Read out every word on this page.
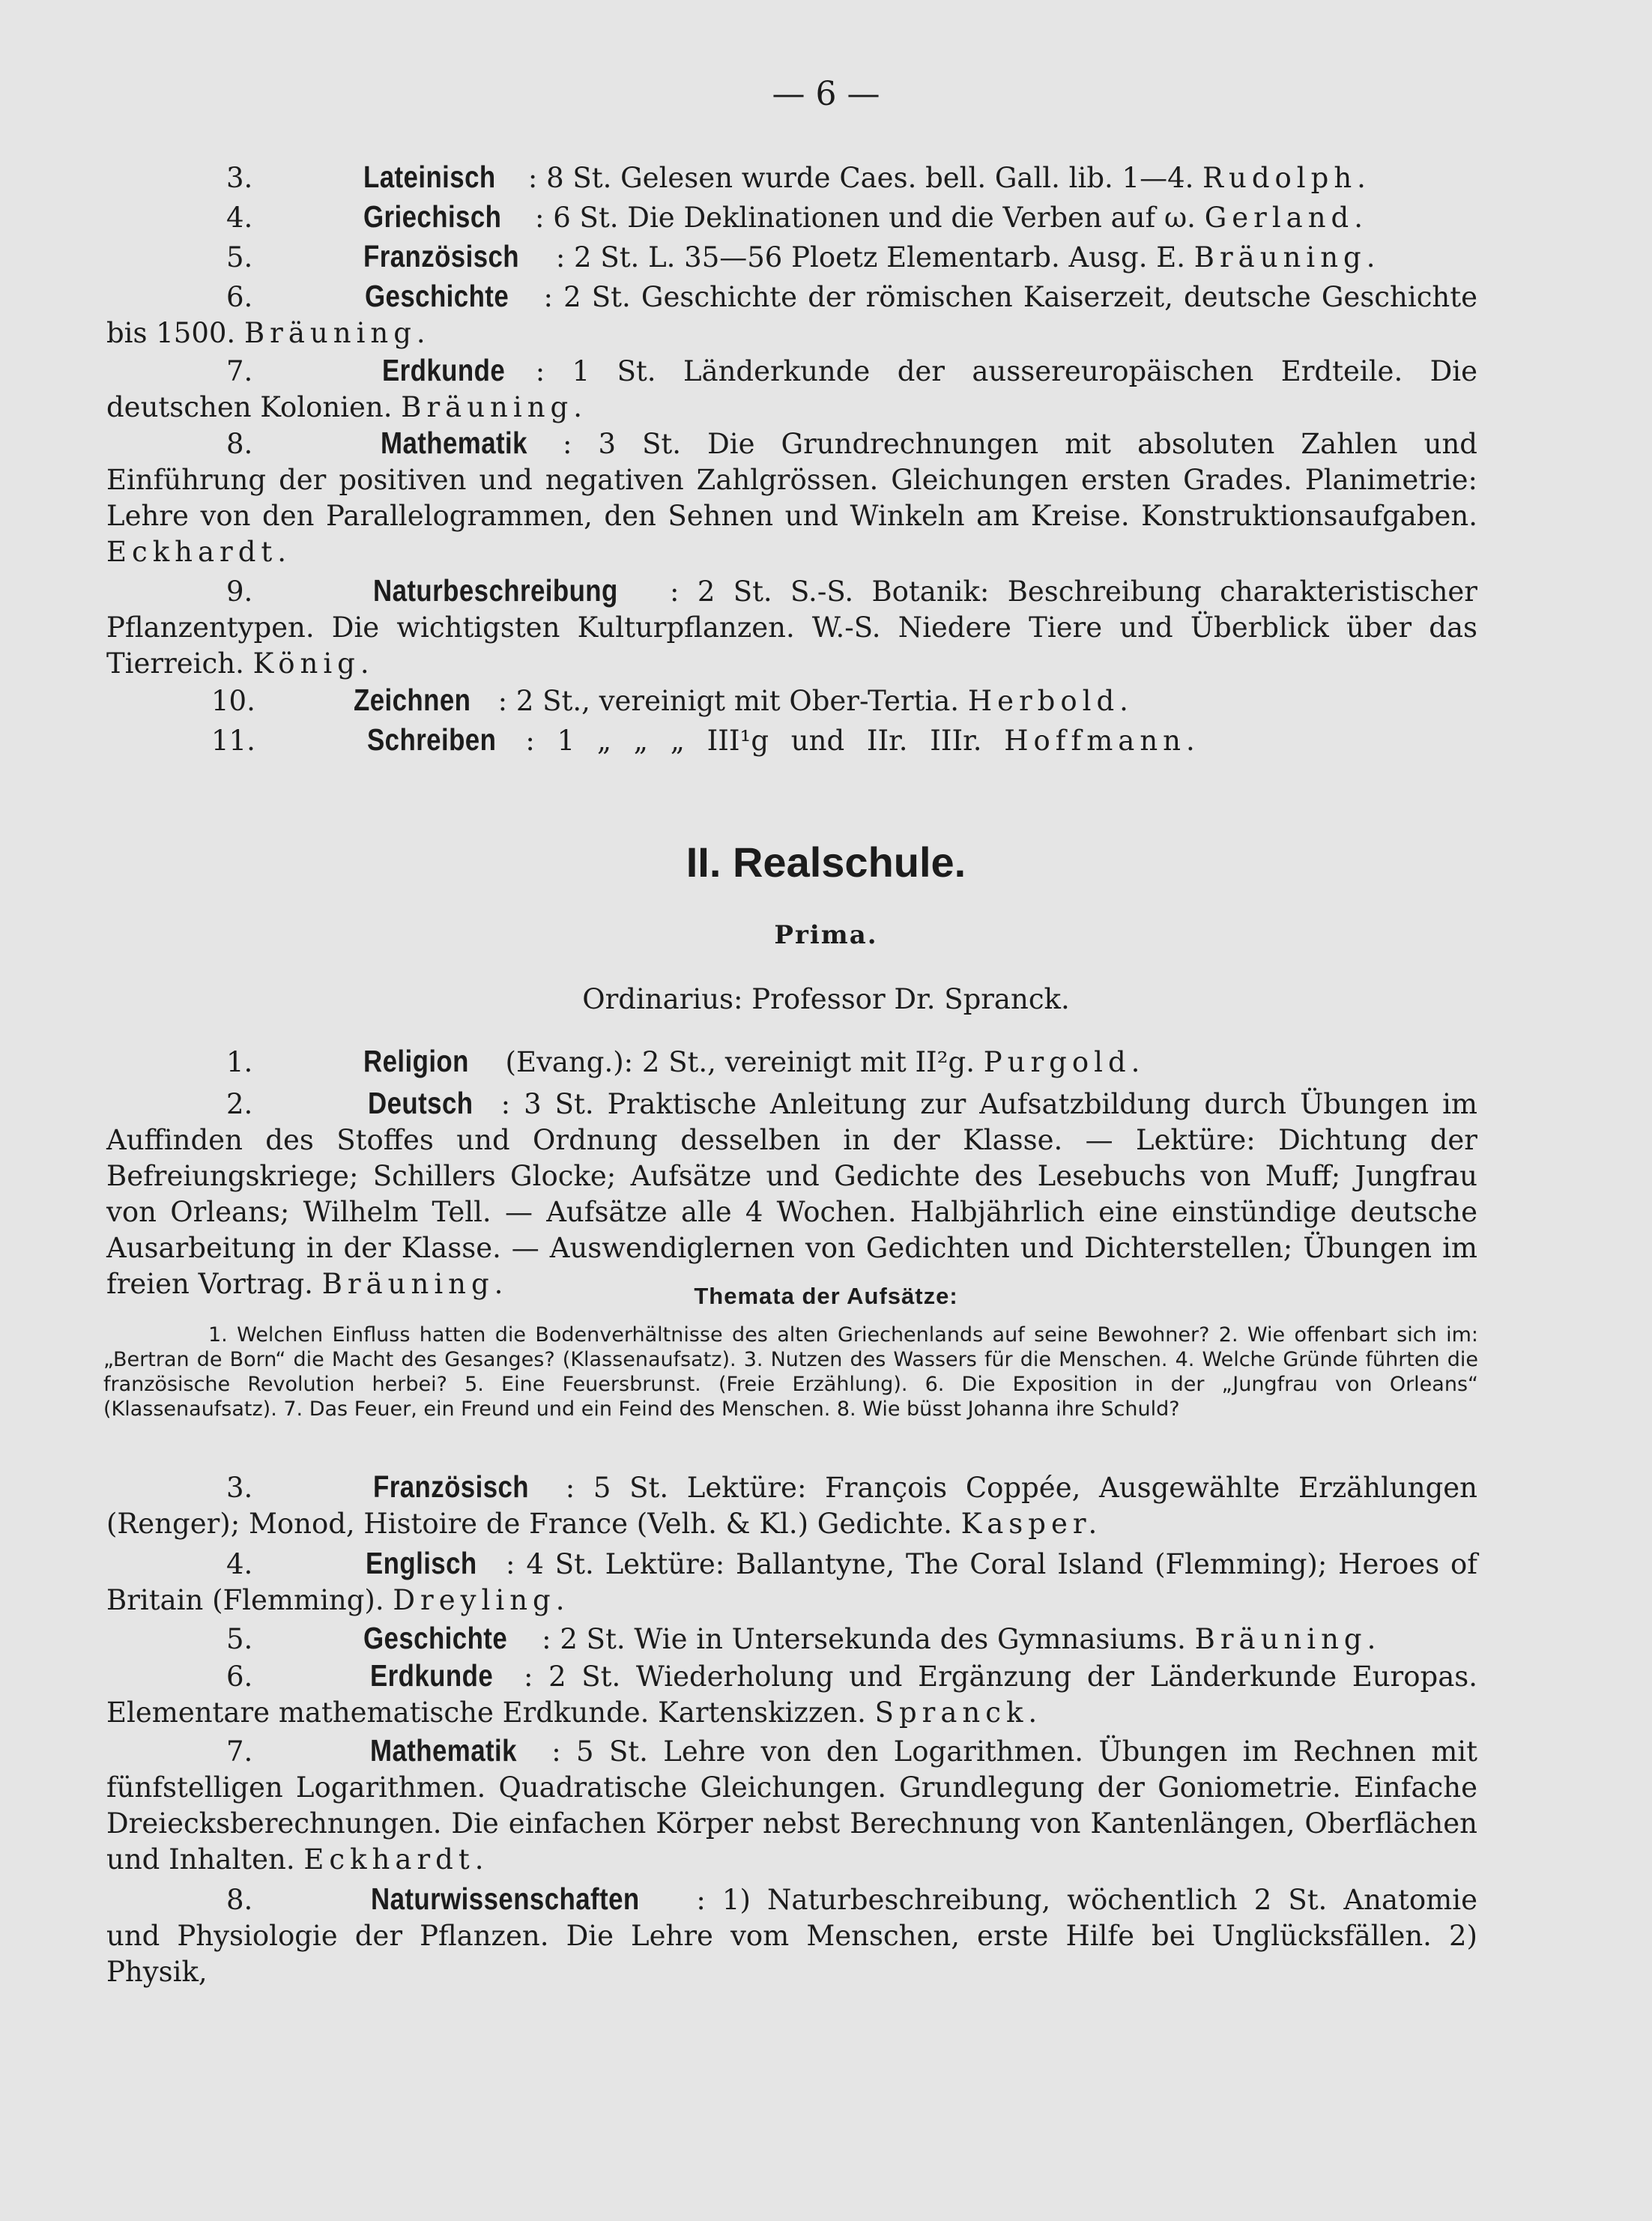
— 6 —

3.	Lateinisch : 8 St. Gelesen wurde Caes. bell. Gall. lib. 1—4. Rudolph.

4.	Griechisch : 6 St. Die Deklinationen und die Verben auf ω. Gerland.

5.	Französisch : 2 St. L. 35—56 Ploetz Elementarb. Ausg. E. Bräuning.

6.	Geschichte : 2 St. Geschichte der römischen Kaiserzeit, deutsche Geschichte bis 1500. Bräuning.

7.	Erdkunde : 1 St. Länderkunde der aussereuropäischen Erdteile. Die deutschen Kolonien. Bräuning.

8.	Mathematik : 3 St. Die Grundrechnungen mit absoluten Zahlen und Einführung der positiven und negativen Zahlgrössen. Gleichungen ersten Grades. Planimetrie: Lehre von den Parallelogrammen, den Sehnen und Winkeln am Kreise. Konstruktionsaufgaben. Eckhardt.

9.	Naturbeschreibung : 2 St. S.-S. Botanik: Beschreibung charakteristischer Pflanzentypen. Die wichtigsten Kulturpflanzen. W.-S. Niedere Tiere und Überblick über das Tierreich. König.

10.	Zeichnen : 2 St., vereinigt mit Ober-Tertia. Herbold.

11.	Schreiben : 1 „ „ „ III¹g und IIr. IIIr. Hoffmann.

II. Realschule.
Prima.
Ordinarius: Professor Dr. Spranck.

1.	Religion (Evang.): 2 St., vereinigt mit II²g. Purgold.

2.	Deutsch : 3 St. Praktische Anleitung zur Aufsatzbildung durch Übungen im Auffinden des Stoffes und Ordnung desselben in der Klasse. — Lektüre: Dichtung der Befreiungskriege; Schillers Glocke; Aufsätze und Gedichte des Lesebuchs von Muff; Jungfrau von Orleans; Wilhelm Tell. — Aufsätze alle 4 Wochen. Halbjährlich eine einstündige deutsche Ausarbeitung in der Klasse. — Auswendiglernen von Gedichten und Dichterstellen; Übungen im freien Vortrag. Bräuning.	Themata der Aufsätze:

1. Welchen Einfluss hatten die Bodenverhältnisse des alten Griechenlands auf seine Bewohner? 2. Wie offenbart sich im: „Bertran de Born“ die Macht des Gesanges? (Klassenaufsatz). 3. Nutzen des Wassers für die Menschen. 4. Welche Gründe führten die französische Revolution herbei? 5. Eine Feuersbrunst. (Freie Erzählung). 6. Die Exposition in der „Jungfrau von Orleans“ (Klassenaufsatz). 7. Das Feuer, ein Freund und ein Feind des Menschen. 8. Wie büsst Johanna ihre Schuld?

3.	Französisch : 5 St. Lektüre: François Coppée, Ausgewählte Erzählungen (Renger); Monod, Histoire de France (Velh. & Kl.) Gedichte. Kasper.

4.	Englisch : 4 St. Lektüre: Ballantyne, The Coral Island (Flemming); Heroes of Britain (Flemming). Dreyling.

5.	Geschichte : 2 St. Wie in Untersekunda des Gymnasiums. Bräuning.

6.	Erdkunde : 2 St. Wiederholung und Ergänzung der Länderkunde Europas. Elementare mathematische Erdkunde. Kartenskizzen. Spranck.

7.	Mathematik : 5 St. Lehre von den Logarithmen. Übungen im Rechnen mit fünfstelligen Logarithmen. Quadratische Gleichungen. Grundlegung der Goniometrie. Einfache Dreiecksberechnungen. Die einfachen Körper nebst Berechnung von Kantenlängen, Oberflächen und Inhalten. Eckhardt.

8.	Naturwissenschaften : 1) Naturbeschreibung, wöchentlich 2 St. Anatomie und Physiologie der Pflanzen. Die Lehre vom Menschen, erste Hilfe bei Unglücksfällen. 2) Physik,
